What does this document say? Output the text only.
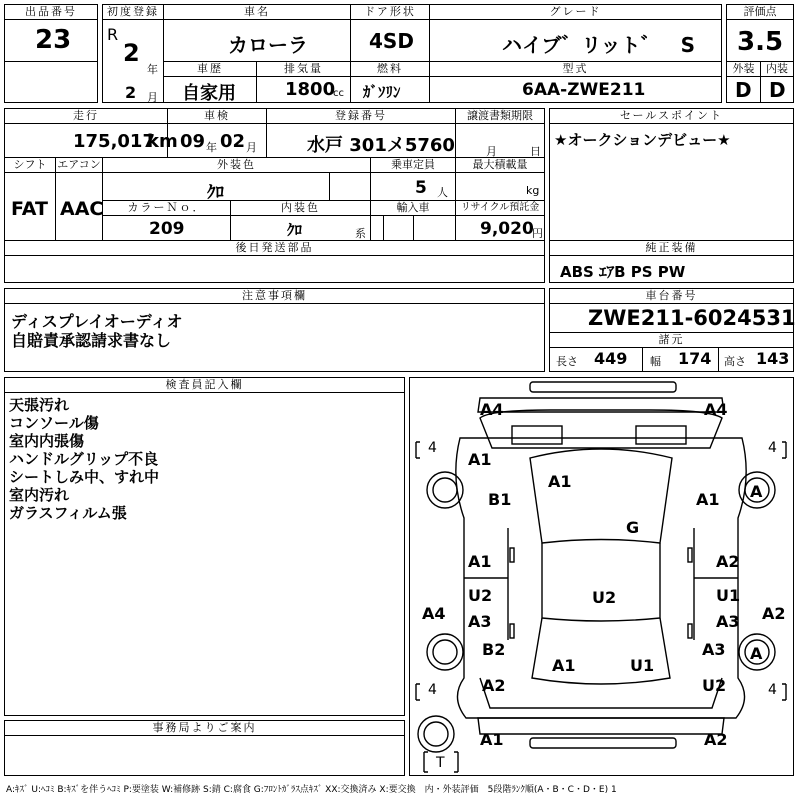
出品番号
23
初度登録
R
2
年
2 月
車名
カローラ
ドア形状
4SD
グレード
ハイブ゛リット゛　S
評価点
3.5
車歴
自家用
排気量
1800
cc
燃料
ｶﾞｿﾘﾝ
型式
6AA-ZWE211
外装
D
内装
D
走行
175,017
km
車検
09 年 02 月
登録番号
水戸 301メ5760
譲渡書類期限
月	日
シフト
FAT
エアコン
AAC
外装色
ｸﾛ
乗車定員
5 人
最大積載量
kg
カラーＮｏ．
209
内装色
ｸﾛ	系
輸入車	リサイクル預託金
9,020
円
後日発送部品
セールスポイント
★オークションデビュー★
純正装備
ABS ｴｱB PS PW
注意事項欄
ディスプレイオーディオ
自賠責承認請求書なし
車台番号
ZWE211-6024531
諸元
長さ 449 幅 174 高さ 143
検査員記入欄
天張汚れ
コンソール傷
室内内張傷
ハンドルグリップ不良
シートしみ中、すれ中
室内汚れ
ガラスフィルム張
事務局よりご案内
A:ｷｽﾞ U:ﾍｺﾐ B:ｷｽﾞを伴うﾍｺﾐ P:要塗装 W:補修跡 S:錆 C:腐食 G:ﾌﾛﾝﾄｶﾞﾗｽ点ｷｽﾞ XX:交換済み X:要交換　内・外装評価　5段階ﾗﾝｸ順(A・B・C・D・E) 1
4	4
4	4
T
A4	A4
A1
A1
B1	A1 A
G
A1	A2
U2	U2	U1
A3	A3
A4	A2
B2	A3 A
A1	U1
A2	U2
A1	A2
